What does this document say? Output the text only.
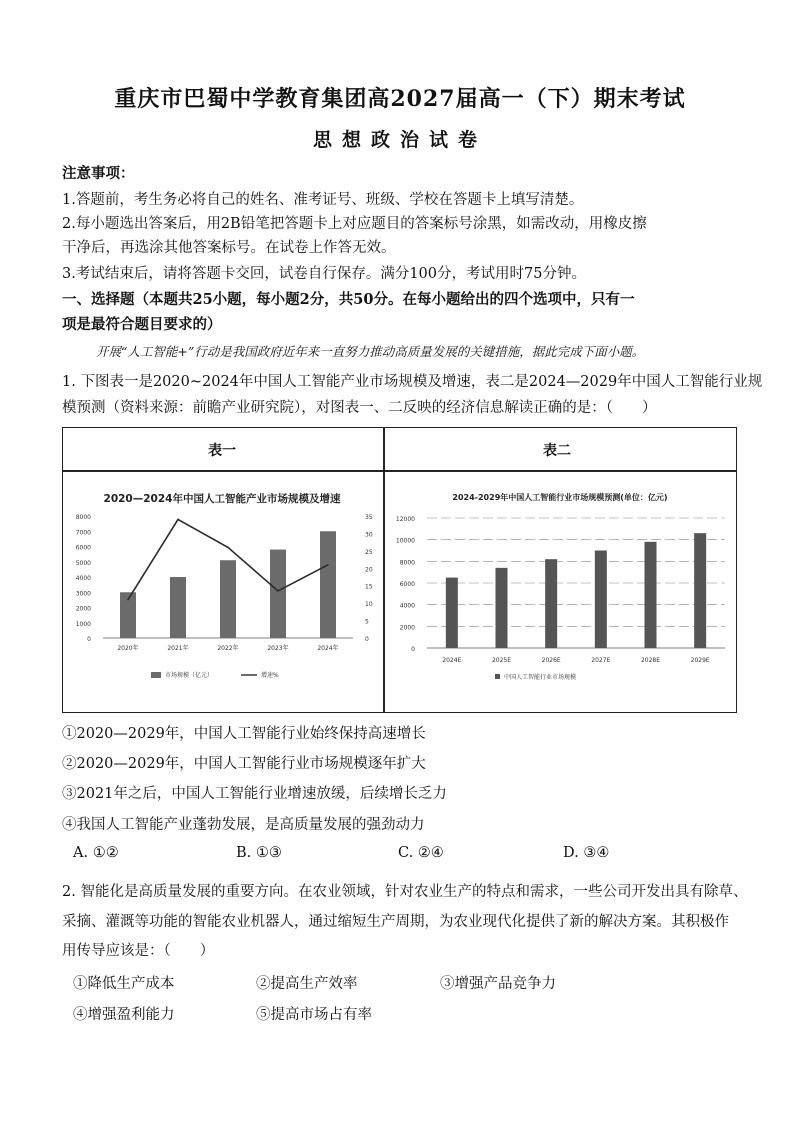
重庆市巴蜀中学教育集团高2027届高一（下）期末考试
思想政治试卷
注意事项：
1.答题前，考生务必将自己的姓名、准考证号、班级、学校在答题卡上填写清楚。
2.每小题选出答案后，用2B铅笔把答题卡上对应题目的答案标号涂黑，如需改动，用橡皮擦
干净后，再选涂其他答案标号。在试卷上作答无效。
3.考试结束后，请将答题卡交回，试卷自行保存。满分100分，考试用时75分钟。
一、选择题（本题共25小题，每小题2分，共50分。在每小题给出的四个选项中，只有一
项是最符合题目要求的）
开展“人工智能+”行动是我国政府近年来一直努力推动高质量发展的关键措施，据此完成下面小题。
1. 下图表一是2020~2024年中国人工智能产业市场规模及增速，表二是2024—2029年中国人工智能行业规
模预测（资料来源：前瞻产业研究院），对图表一、二反映的经济信息解读正确的是：（　　）
表一	表二
2020—2024年中国人工智能产业市场规模及增速
8000
7000
6000
5000
4000
3000
2000
1000
0
35
30
25
20
15
10
5
0
2020年	2021年	2022年	2023年	2024年
市场规模（亿元）	增速%
2024-2029年中国人工智能行业市场规模预测(单位：亿元)
12000
10000
8000
6000
4000
2000
0
2024E	2025E	2026E	2027E	2028E	2029E
中国人工智能行业市场规模
①2020—2029年，中国人工智能行业始终保持高速增长
②2020—2029年，中国人工智能行业市场规模逐年扩大
③2021年之后，中国人工智能行业增速放缓，后续增长乏力
④我国人工智能产业蓬勃发展，是高质量发展的强劲动力
A. ①②	B. ①③	C. ②④	D. ③④
2. 智能化是高质量发展的重要方向。在农业领域，针对农业生产的特点和需求，一些公司开发出具有除草、
采摘、灌溉等功能的智能农业机器人，通过缩短生产周期，为农业现代化提供了新的解决方案。其积极作
用传导应该是：（　　）
①降低生产成本	②提高生产效率	③增强产品竞争力
④增强盈利能力	⑤提高市场占有率
